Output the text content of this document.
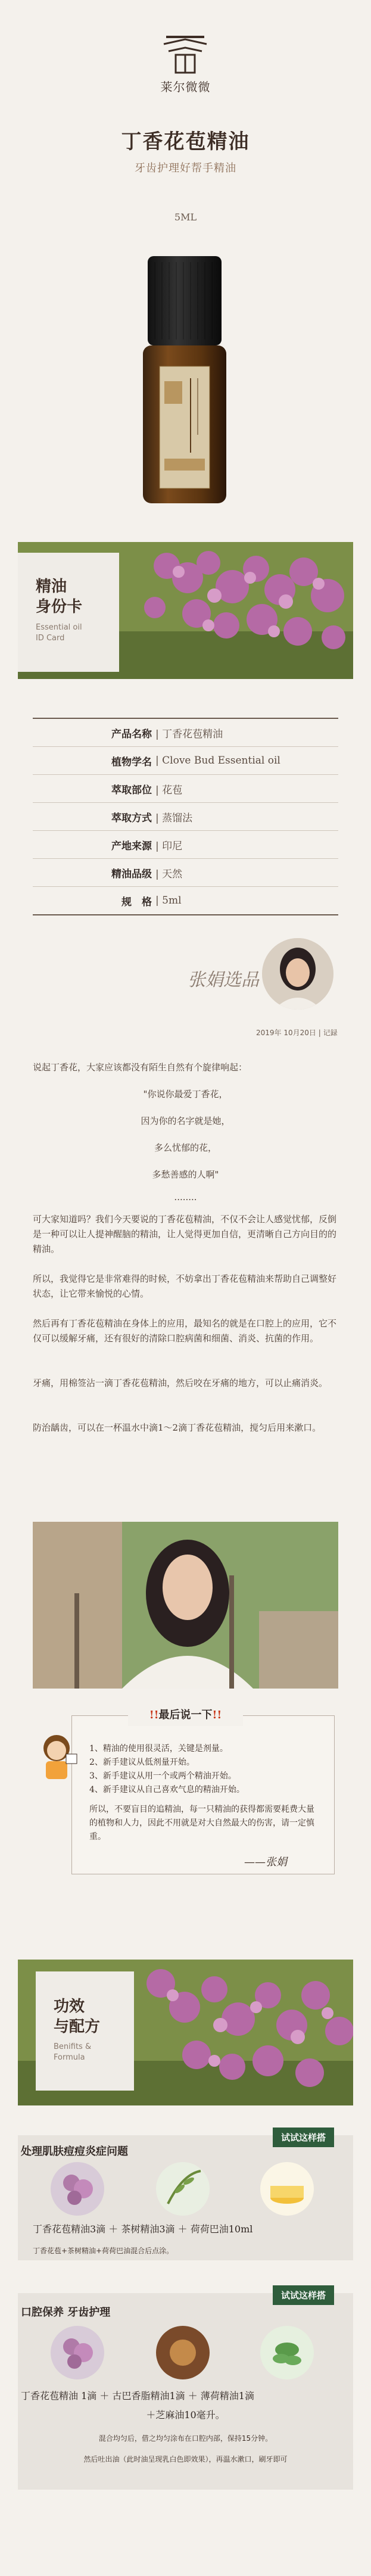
莱尔微微
丁香花苞精油
牙齿护理好帮手精油
5ML
精油
身份卡
Essential oil
ID Card
产品名称 | 丁香花苞精油
植物学名 | Clove Bud Essential oil
萃取部位 | 花苞
萃取方式 | 蒸馏法
产地来源 | 印尼
精油品级 | 天然
规　格 | 5ml
张娟选品
2019年 10月20日 | 记録
说起丁香花，大家应该都没有陌生自然有个旋律响起：
"你说你最爱丁香花，
因为你的名字就是她，
多么忧郁的花，
多愁善感的人啊"
........
可大家知道吗？我们今天要说的丁香花苞精油，不仅不会让人感觉忧郁，反倒是一种可以让人提神醒脑的精油，让人觉得更加自信，更清晰自己方向目的的精油。
所以，我觉得它是非常难得的时候，不妨拿出丁香花苞精油来帮助自己调整好状态，让它带来愉悦的心情。
然后再有丁香花苞精油在身体上的应用，最知名的就是在口腔上的应用，它不仅可以缓解牙痛，还有很好的清除口腔病菌和细菌、消炎、抗菌的作用。
牙痛，用棉签沾一滴丁香花苞精油，然后咬在牙痛的地方，可以止痛消炎。
防治龋齿，可以在一杯温水中滴1～2滴丁香花苞精油，搅匀后用来漱口。
!!最后说一下!!
1、精油的使用很灵活，关键是剂量。
2、新手建议从低剂量开始。
3、新手建议从用一个或两个精油开始。
4、新手建议从自己喜欢气息的精油开始。
所以，不要盲目的追精油，每一只精油的获得都需要耗费大量的植物和人力，因此不用就是对大自然最大的伤害，请一定慎重。
——张娟
功效
与配方
Benifits &
Formula
试试这样搭
处理肌肤痘痘炎症问题
丁香花苞精油3滴 ＋ 茶树精油3滴 ＋ 荷荷巴油10ml
丁香花苞+茶树精油+荷荷巴油混合后点涂。
试试这样搭
口腔保养 牙齿护理
丁香花苞精油 1滴 ＋ 古巴香脂精油1滴 ＋ 薄荷精油1滴
＋芝麻油10毫升。
混合均匀后，借之均匀涂布在口腔内部，保持15分钟。
然后吐出油（此时油呈现乳白色即效果），再温水漱口，刷牙即可
